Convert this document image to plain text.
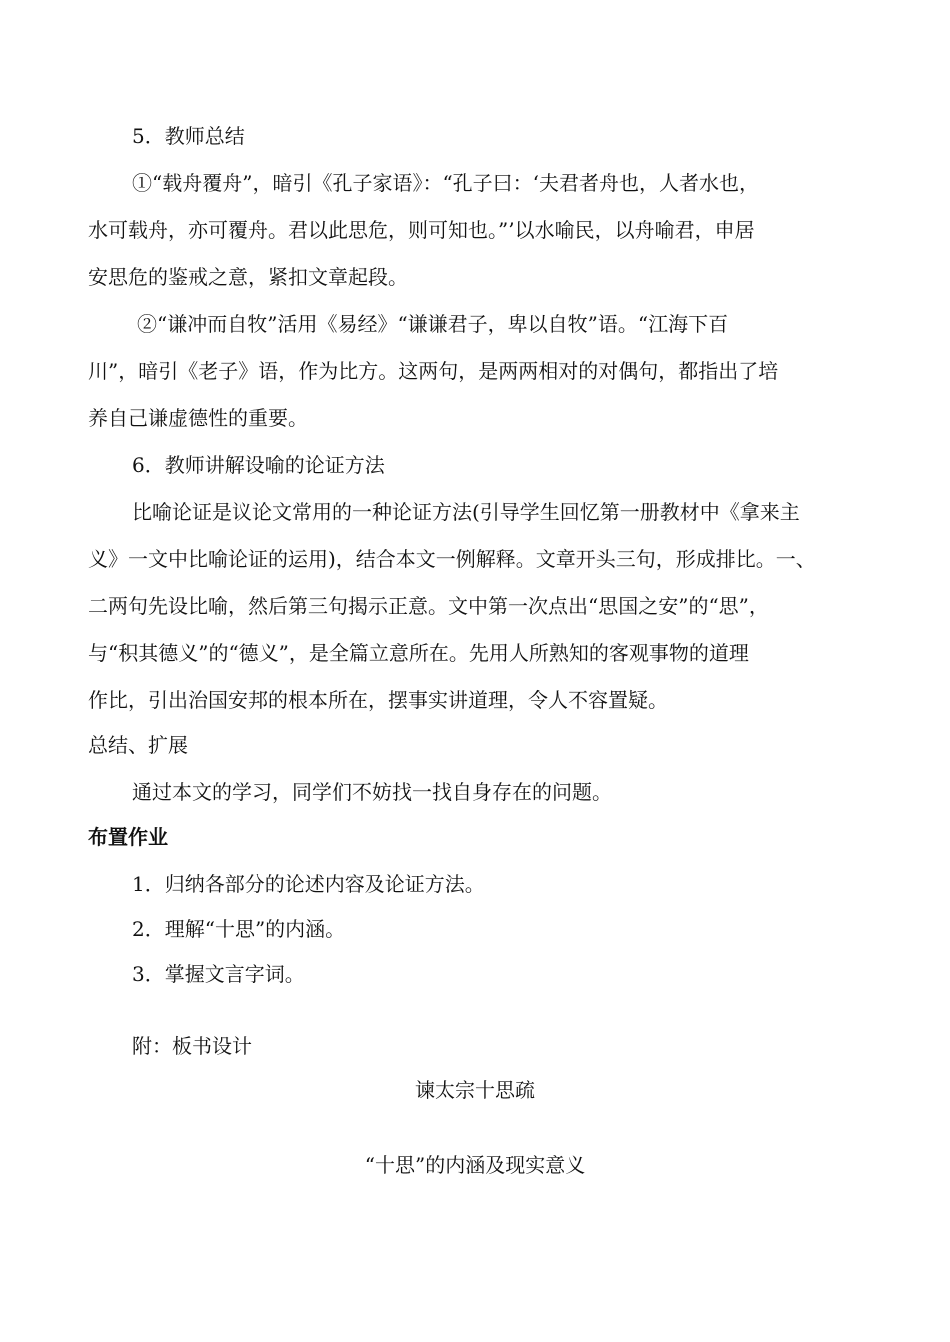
5．教师总结
①“载舟覆舟”，暗引《孔子家语》：“孔子曰：‘夫君者舟也，人者水也，
水可载舟，亦可覆舟。君以此思危，则可知也。”’以水喻民，以舟喻君，申居
安思危的鉴戒之意，紧扣文章起段。
②“谦冲而自牧”活用《易经》“谦谦君子，卑以自牧”语。“江海下百
川”，暗引《老子》语，作为比方。这两句，是两两相对的对偶句，都指出了培
养自己谦虚德性的重要。
6．教师讲解设喻的论证方法
比喻论证是议论文常用的一种论证方法(引导学生回忆第一册教材中《拿来主
义》一文中比喻论证的运用)，结合本文一例解释。文章开头三句，形成排比。一、
二两句先设比喻，然后第三句揭示正意。文中第一次点出“思国之安”的“思”，
与“积其德义”的“德义”，是全篇立意所在。先用人所熟知的客观事物的道理
作比，引出治国安邦的根本所在，摆事实讲道理，令人不容置疑。
总结、扩展
通过本文的学习，同学们不妨找一找自身存在的问题。
布置作业
1．归纳各部分的论述内容及论证方法。
2．理解“十思”的内涵。
3．掌握文言字词。
附：板书设计
谏太宗十思疏
“十思”的内涵及现实意义
